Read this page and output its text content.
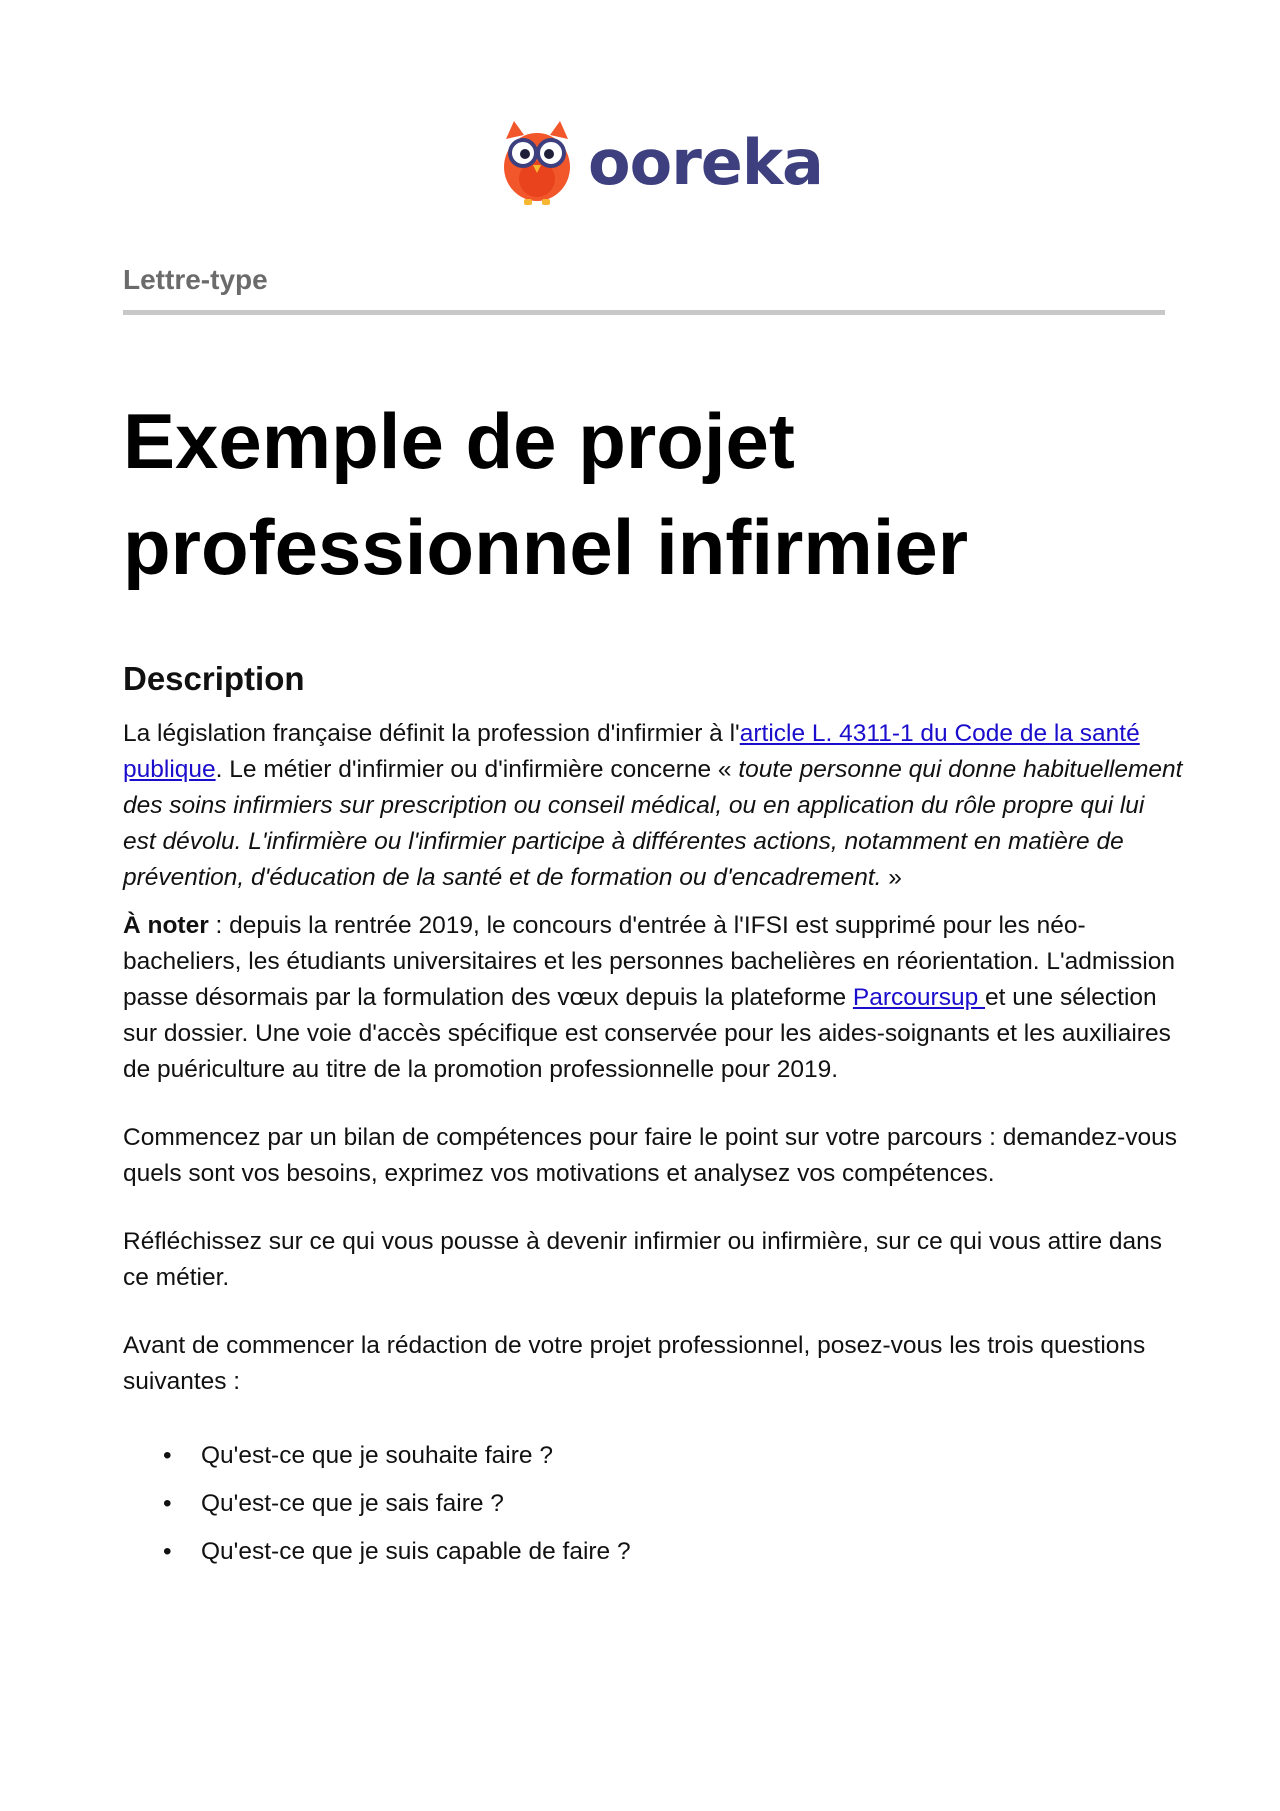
ooreka
Lettre-type
Exemple de projet professionnel infirmier
Description

La législation française définit la profession d'infirmier à l'article L. 4311-1 du Code de la santé publique. Le métier d'infirmier ou d'infirmière concerne « toute personne qui donne habituellement des soins infirmiers sur prescription ou conseil médical, ou en application du rôle propre qui lui est dévolu. L'infirmière ou l'infirmier participe à différentes actions, notamment en matière de prévention, d'éducation de la santé et de formation ou d'encadrement. »

À noter : depuis la rentrée 2019, le concours d'entrée à l'IFSI est supprimé pour les néo-bacheliers, les étudiants universitaires et les personnes bachelières en réorientation. L'admission passe désormais par la formulation des vœux depuis la plateforme Parcoursup et une sélection sur dossier. Une voie d'accès spécifique est conservée pour les aides-soignants et les auxiliaires de puériculture au titre de la promotion professionnelle pour 2019.

Commencez par un bilan de compétences pour faire le point sur votre parcours : demandez-vous quels sont vos besoins, exprimez vos motivations et analysez vos compétences.

Réfléchissez sur ce qui vous pousse à devenir infirmier ou infirmière, sur ce qui vous attire dans ce métier.

Avant de commencer la rédaction de votre projet professionnel, posez-vous les trois questions suivantes :

• Qu'est-ce que je souhaite faire ?
• Qu'est-ce que je sais faire ?
• Qu'est-ce que je suis capable de faire ?
